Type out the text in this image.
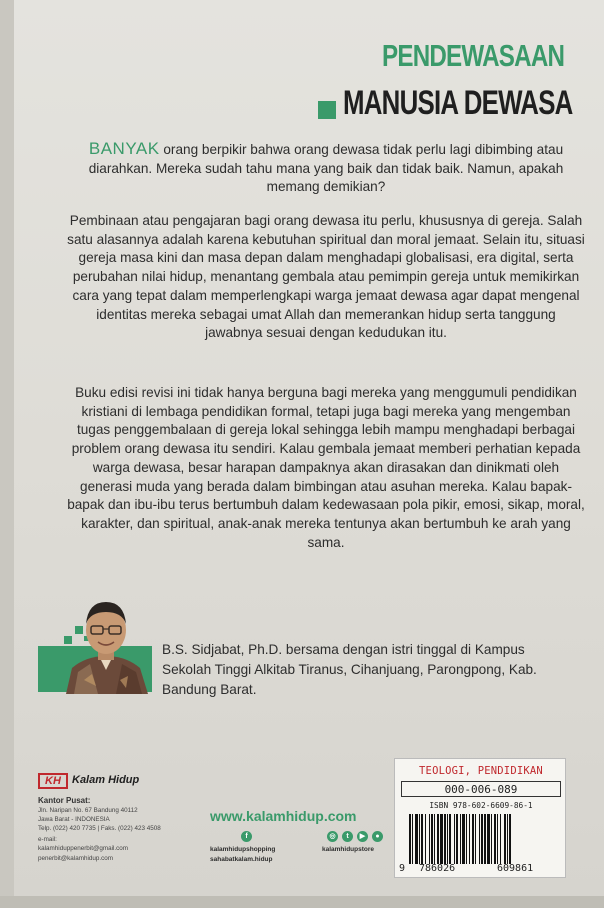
PENDEWASAAN
MANUSIA DEWASA
BANYAK orang berpikir bahwa orang dewasa tidak perlu lagi dibimbing atau diarahkan. Mereka sudah tahu mana yang baik dan tidak baik. Namun, apakah memang demikian?
Pembinaan atau pengajaran bagi orang dewasa itu perlu, khususnya di gereja. Salah satu alasannya adalah karena kebutuhan spiritual dan moral jemaat. Selain itu, situasi gereja masa kini dan masa depan dalam menghadapi globalisasi, era digital, serta perubahan nilai hidup, menantang gembala atau pemimpin gereja untuk memikirkan cara yang tepat dalam memperlengkapi warga jemaat dewasa agar dapat mengenal identitas mereka sebagai umat Allah dan memerankan hidup serta tanggung jawabnya sesuai dengan kedudukan itu.
Buku edisi revisi ini tidak hanya berguna bagi mereka yang menggumuli pendidikan kristiani di lembaga pendidikan formal, tetapi juga bagi mereka yang mengemban tugas penggembalaan di gereja lokal sehingga lebih mampu menghadapi berbagai problem orang dewasa itu sendiri. Kalau gembala jemaat memberi perhatian kepada warga dewasa, besar harapan dampaknya akan dirasakan dan dinikmati oleh generasi muda yang berada dalam bimbingan atau asuhan mereka. Kalau bapak-bapak dan ibu-ibu terus bertumbuh dalam kedewasaan pola pikir, emosi, sikap, moral, karakter, dan spiritual, anak-anak mereka tentunya akan bertumbuh ke arah yang sama.
B.S. Sidjabat, Ph.D. bersama dengan istri tinggal di Kampus Sekolah Tinggi Alkitab Tiranus, Cihanjuang, Parongpong, Kab. Bandung Barat.
KH	Kalam Hidup
Kantor Pusat:
Jln. Naripan No. 67 Bandung 40112
Jawa Barat - INDONESIA
Telp. (022) 420 7735 | Faks. (022) 423 4508
e-mail:
kalamhiduppenerbit@gmail.com
penerbit@kalamhidup.com
www.kalamhidup.com
f
kalamhidupshopping
sahabatkalam.hidup
◎	t	▶	●
kalamhidupstore
TEOLOGI, PENDIDIKAN
000-006-089
ISBN 978-602-6609-86-1
9 786026	609861
